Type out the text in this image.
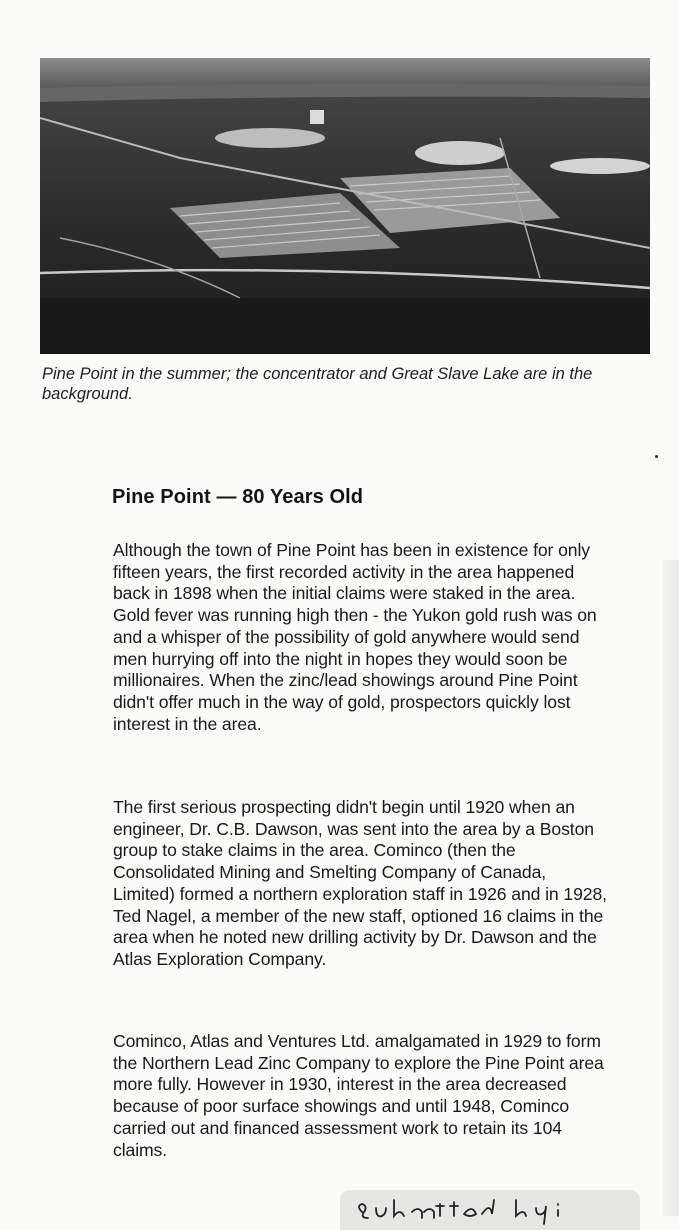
Pine Point in the summer; the concentrator and Great Slave Lake are in the background.

Pine Point — 80 Years Old

Although the town of Pine Point has been in existence for only fifteen years, the first recorded activity in the area happened back in 1898 when the initial claims were staked in the area. Gold fever was running high then - the Yukon gold rush was on and a whisper of the possibility of gold anywhere would send men hurrying off into the night in hopes they would soon be millionaires. When the zinc/lead showings around Pine Point didn't offer much in the way of gold, prospectors quickly lost interest in the area.

The first serious prospecting didn't begin until 1920 when an engineer, Dr. C.B. Dawson, was sent into the area by a Boston group to stake claims in the area. Cominco (then the Consolidated Mining and Smelting Company of Canada, Limited) formed a northern exploration staff in 1926 and in 1928, Ted Nagel, a member of the new staff, optioned 16 claims in the area when he noted new drilling activity by Dr. Dawson and the Atlas Exploration Company.

Cominco, Atlas and Ventures Ltd. amalgamated in 1929 to form the Northern Lead Zinc Company to explore the Pine Point area more fully. However in 1930, interest in the area decreased because of poor surface showings and until 1948, Cominco carried out and financed assessment work to retain its 104 claims.
